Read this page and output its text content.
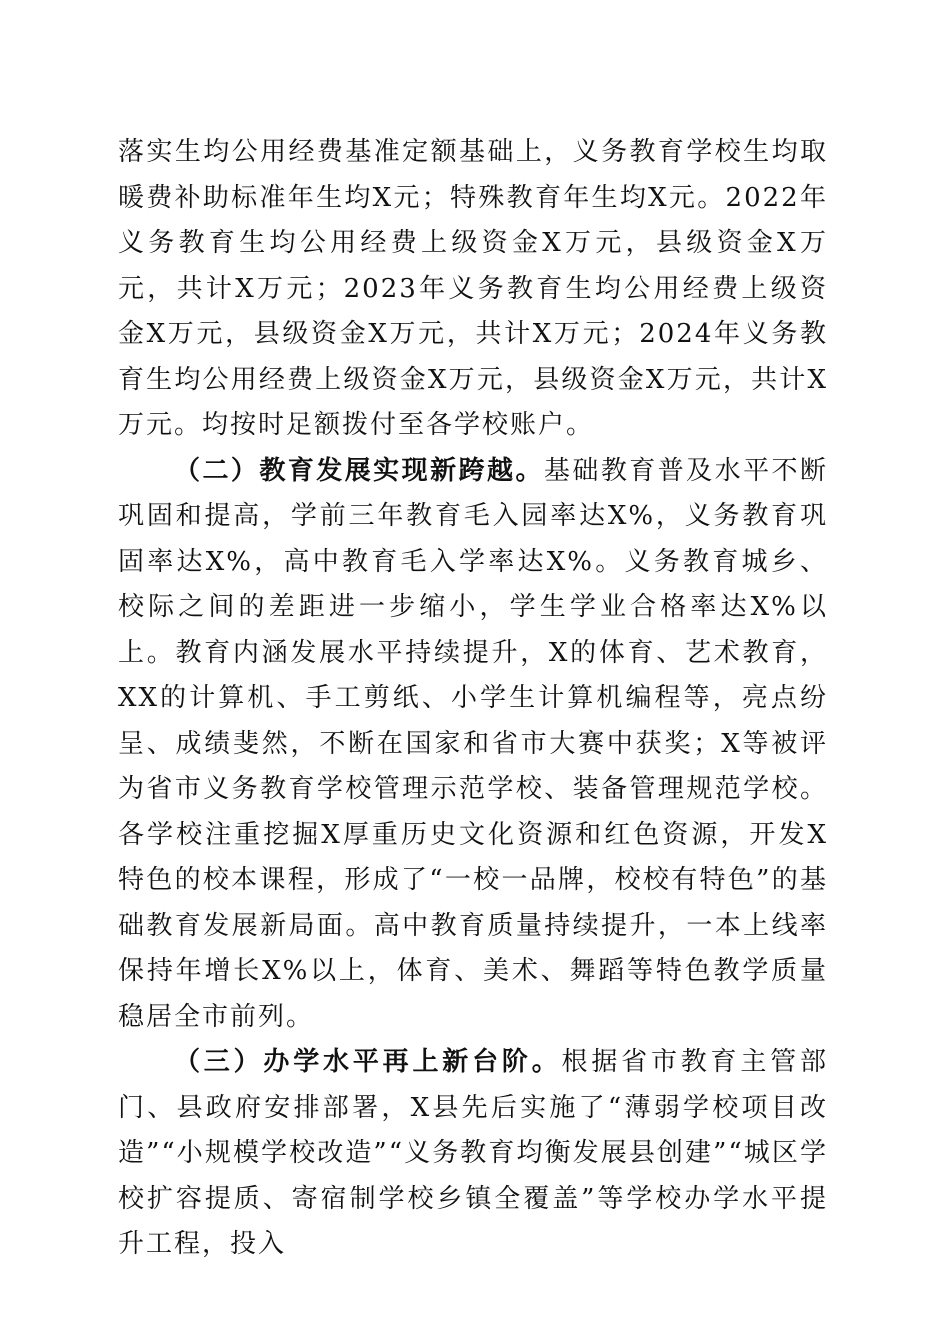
落实生均公用经费基准定额基础上，义务教育学校生均取暖费补助标准年生均X元；特殊教育年生均X元。2022年义务教育生均公用经费上级资金X万元，县级资金X万元，共计X万元；2023年义务教育生均公用经费上级资金X万元，县级资金X万元，共计X万元；2024年义务教育生均公用经费上级资金X万元，县级资金X万元，共计X万元。均按时足额拨付至各学校账户。

（二）教育发展实现新跨越。基础教育普及水平不断巩固和提高，学前三年教育毛入园率达X%，义务教育巩固率达X%，高中教育毛入学率达X%。义务教育城乡、校际之间的差距进一步缩小，学生学业合格率达X%以上。教育内涵发展水平持续提升，X的体育、艺术教育，XX的计算机、手工剪纸、小学生计算机编程等，亮点纷呈、成绩斐然，不断在国家和省市大赛中获奖；X等被评为省市义务教育学校管理示范学校、装备管理规范学校。各学校注重挖掘X厚重历史文化资源和红色资源，开发X特色的校本课程，形成了“一校一品牌，校校有特色”的基础教育发展新局面。高中教育质量持续提升，一本上线率保持年增长X%以上，体育、美术、舞蹈等特色教学质量稳居全市前列。

（三）办学水平再上新台阶。根据省市教育主管部门、县政府安排部署，X县先后实施了“薄弱学校项目改造”“小规模学校改造”“义务教育均衡发展县创建”“城区学校扩容提质、寄宿制学校乡镇全覆盖”等学校办学水平提升工程，投入
